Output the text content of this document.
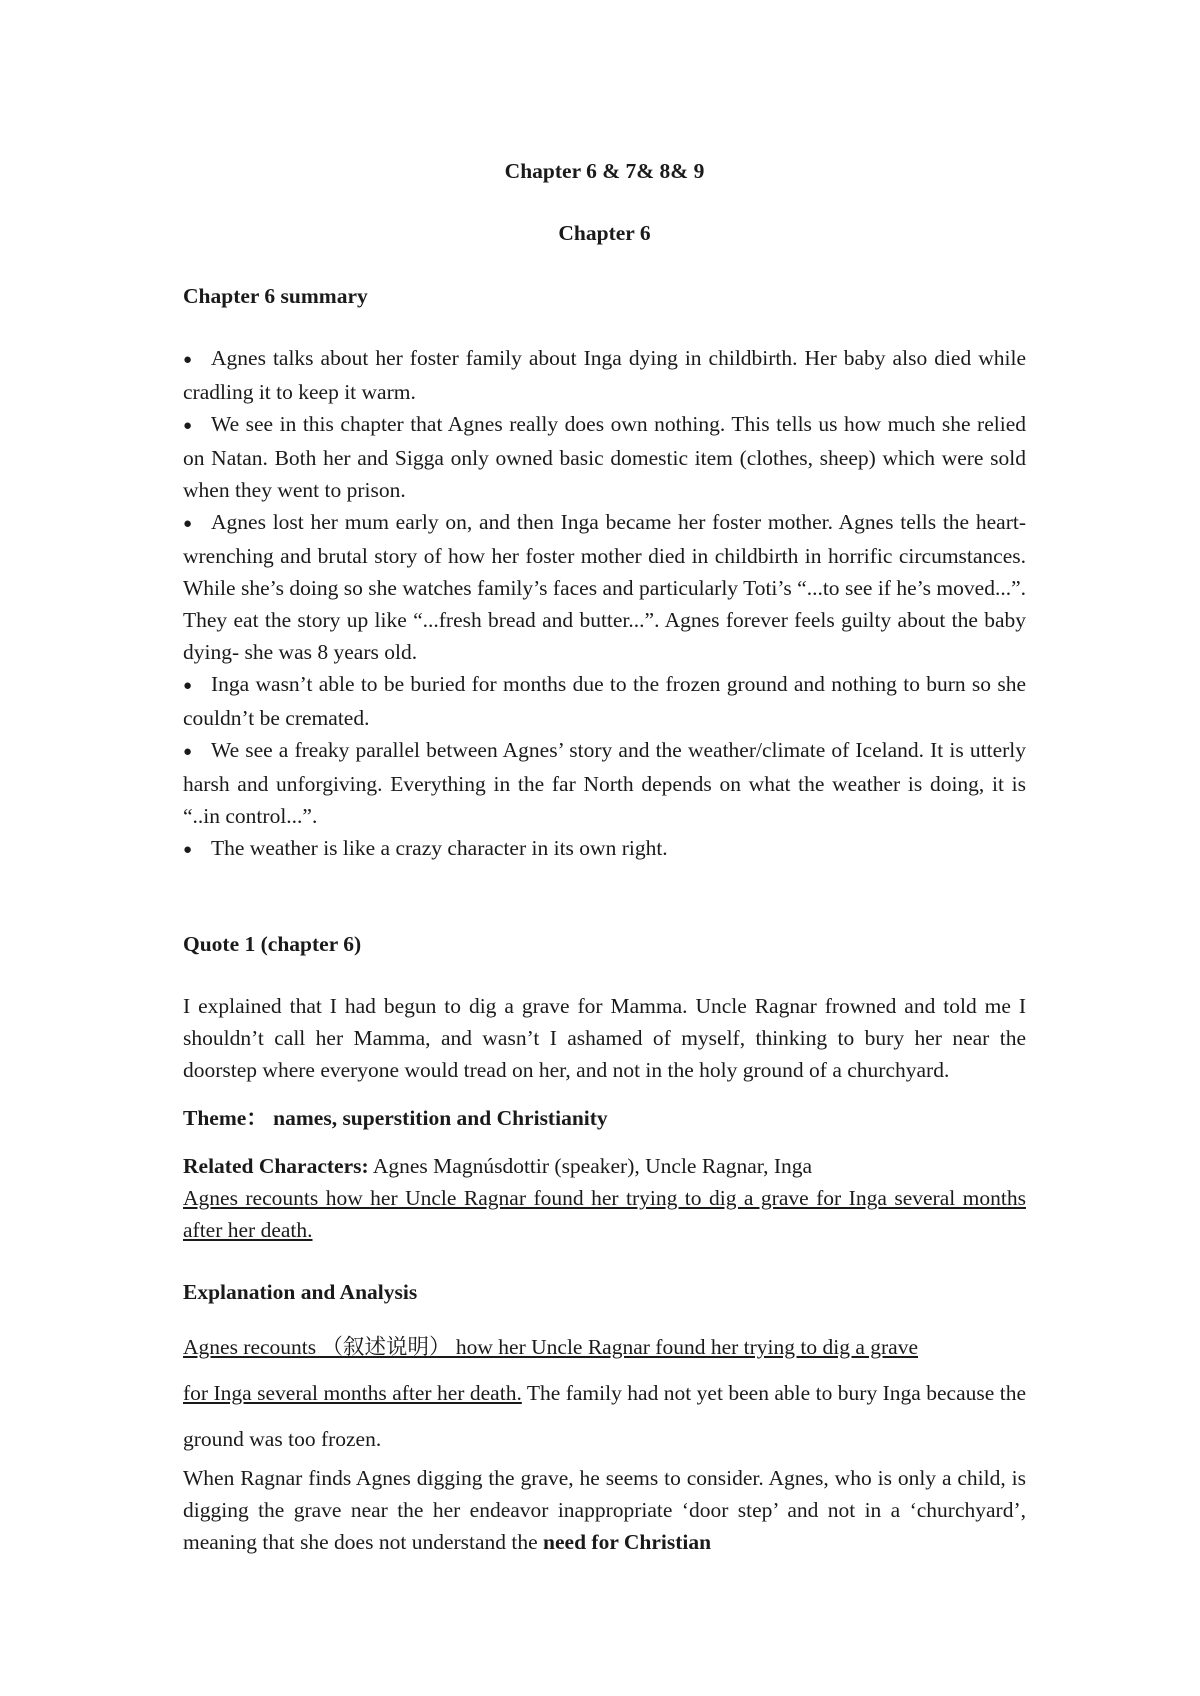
Chapter 6 & 7& 8& 9

Chapter 6

Chapter 6 summary

● Agnes talks about her foster family about Inga dying in childbirth. Her baby also died while cradling it to keep it warm.
● We see in this chapter that Agnes really does own nothing. This tells us how much she relied on Natan. Both her and Sigga only owned basic domestic item (clothes, sheep) which were sold when they went to prison.
● Agnes lost her mum early on, and then Inga became her foster mother. Agnes tells the heart-wrenching and brutal story of how her foster mother died in childbirth in horrific circumstances. While she’s doing so she watches family’s faces and particularly Toti’s “...to see if he’s moved...”. They eat the story up like “...fresh bread and butter...”. Agnes forever feels guilty about the baby dying- she was 8 years old.
● Inga wasn’t able to be buried for months due to the frozen ground and nothing to burn so she couldn’t be cremated.
● We see a freaky parallel between Agnes’ story and the weather/climate of Iceland. It is utterly harsh and unforgiving. Everything in the far North depends on what the weather is doing, it is “..in control...”.
● The weather is like a crazy character in its own right.

Quote 1 (chapter 6)

I explained that I had begun to dig a grave for Mamma. Uncle Ragnar frowned and told me I shouldn’t call her Mamma, and wasn’t I ashamed of myself, thinking to bury her near the doorstep where everyone would tread on her, and not in the holy ground of a churchyard.

Theme： names, superstition and Christianity

Related Characters: Agnes Magnúsdottir (speaker), Uncle Ragnar, Inga

Agnes recounts how her Uncle Ragnar found her trying to dig a grave for Inga several months after her death.

Explanation and Analysis

Agnes recounts （叙述说明） how her Uncle Ragnar found her trying to dig a grave
for Inga several months after her death. The family had not yet been able to bury Inga because the ground was too frozen.

When Ragnar finds Agnes digging the grave, he seems to consider. Agnes, who is only a child, is digging the grave near the her endeavor inappropriate ‘door step’ and not in a ‘churchyard’, meaning that she does not understand the need for Christian
